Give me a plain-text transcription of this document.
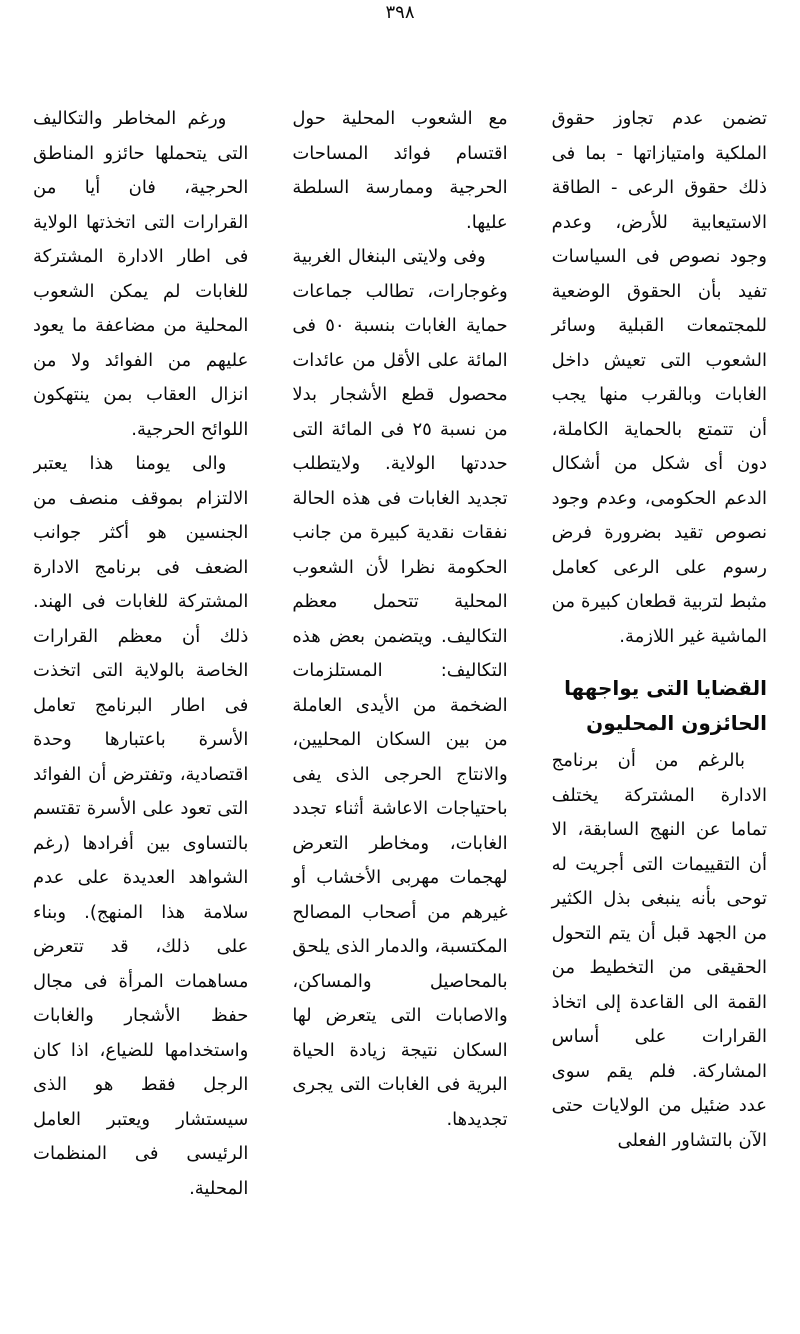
٣٩٨

تضمن عدم تجاوز حقوق الملكية وامتيازاتها - بما فى ذلك حقوق الرعى - الطاقة الاستيعابية للأرض، وعدم وجود نصوص فى السياسات تفيد بأن الحقوق الوضعية للمجتمعات القبلية وسائر الشعوب التى تعيش داخل الغابات وبالقرب منها يجب أن تتمتع بالحماية الكاملة، دون أى شكل من أشكال الدعم الحكومى، وعدم وجود نصوص تقيد بضرورة فرض رسوم على الرعى كعامل مثبط لتربية قطعان كبيرة من الماشية غير اللازمة.

القضايا التى يواجهها الحائزون المحليون

بالرغم من أن برنامج الادارة المشتركة يختلف تماما عن النهج السابقة، الا أن التقييمات التى أجريت له توحى بأنه ينبغى بذل الكثير من الجهد قبل أن يتم التحول الحقيقى من التخطيط من القمة الى القاعدة إلى اتخاذ القرارات على أساس المشاركة. فلم يقم سوى عدد ضئيل من الولايات حتى الآن بالتشاور الفعلى

مع الشعوب المحلية حول اقتسام فوائد المساحات الحرجية وممارسة السلطة عليها.

وفى ولايتى البنغال الغربية وغوجارات، تطالب جماعات حماية الغابات بنسبة ٥٠ فى المائة على الأقل من عائدات محصول قطع الأشجار بدلا من نسبة ٢٥ فى المائة التى حددتها الولاية. ولايتطلب تجديد الغابات فى هذه الحالة نفقات نقدية كبيرة من جانب الحكومة نظرا لأن الشعوب المحلية تتحمل معظم التكاليف. ويتضمن بعض هذه التكاليف: المستلزمات الضخمة من الأيدى العاملة من بين السكان المحليين، والانتاج الحرجى الذى يفى باحتياجات الاعاشة أثناء تجدد الغابات، ومخاطر التعرض لهجمات مهربى الأخشاب أو غيرهم من أصحاب المصالح المكتسبة، والدمار الذى يلحق بالمحاصيل والمساكن، والاصابات التى يتعرض لها السكان نتيجة زيادة الحياة البرية فى الغابات التى يجرى تجديدها.

ورغم المخاطر والتكاليف التى يتحملها حائزو المناطق الحرجية، فان أيا من القرارات التى اتخذتها الولاية فى اطار الادارة المشتركة للغابات لم يمكن الشعوب المحلية من مضاعفة ما يعود عليهم من الفوائد ولا من انزال العقاب بمن ينتهكون اللوائح الحرجية.

والى يومنا هذا يعتبر الالتزام بموقف منصف من الجنسين هو أكثر جوانب الضعف فى برنامج الادارة المشتركة للغابات فى الهند. ذلك أن معظم القرارات الخاصة بالولاية التى اتخذت فى اطار البرنامج تعامل الأسرة باعتبارها وحدة اقتصادية، وتفترض أن الفوائد التى تعود على الأسرة تقتسم بالتساوى بين أفرادها (رغم الشواهد العديدة على عدم سلامة هذا المنهج). وبناء على ذلك، قد تتعرض مساهمات المرأة فى مجال حفظ الأشجار والغابات واستخدامها للضياع، اذا كان الرجل فقط هو الذى سيستشار ويعتبر العامل الرئيسى فى المنظمات المحلية.
